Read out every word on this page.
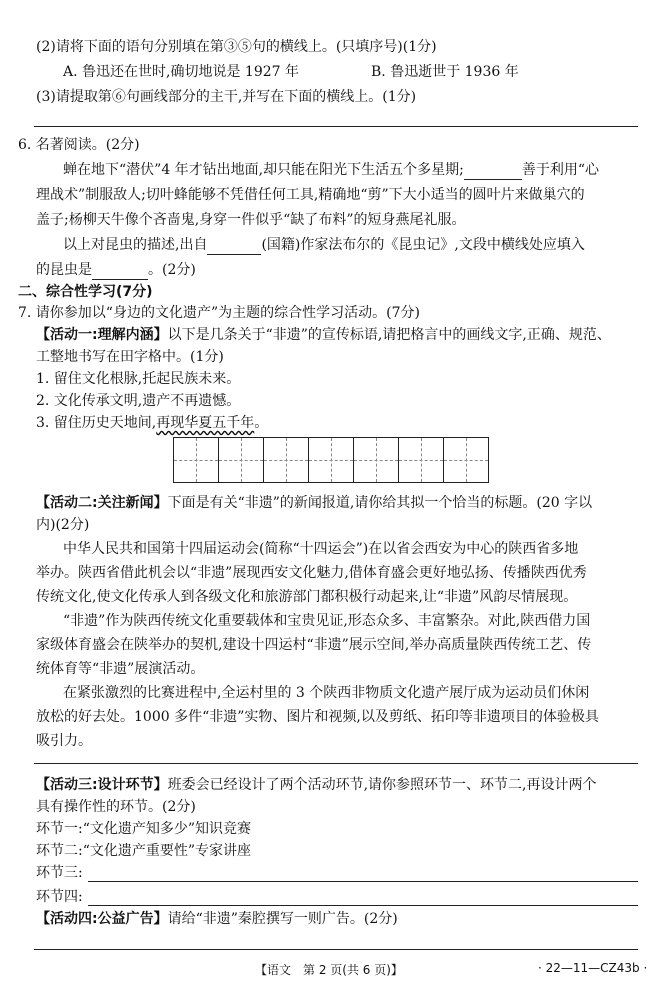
(2)请将下面的语句分别填在第③⑤句的横线上。(只填序号)(1分)
A. 鲁迅还在世时,确切地说是 1927 年	B. 鲁迅逝世于 1936 年
(3)请提取第⑥句画线部分的主干,并写在下面的横线上。(1分)
6. 名著阅读。(2分)
蝉在地下“潜伏”4 年才钻出地面,却只能在阳光下生活五个多星期;	善于利用“心
理战术”制服敌人;切叶蜂能够不凭借任何工具,精确地“剪”下大小适当的圆叶片来做巢穴的
盖子;杨柳天牛像个吝啬鬼,身穿一件似乎“缺了布料”的短身燕尾礼服。
以上对昆虫的描述,出自	(国籍)作家法布尔的《昆虫记》,文段中横线处应填入
的昆虫是	。(2分)
二、综合性学习(7分)
7. 请你参加以“身边的文化遗产”为主题的综合性学习活动。(7分)
【活动一:理解内涵】以下是几条关于“非遗”的宣传标语,请把格言中的画线文字,正确、规范、
工整地书写在田字格中。(1分)
1. 留住文化根脉,托起民族未来。
2. 文化传承文明,遗产不再遗憾。
3. 留住历史天地间,再现华夏五千年。
【活动二:关注新闻】下面是有关“非遗”的新闻报道,请你给其拟一个恰当的标题。(20 字以
内)(2分)
中华人民共和国第十四届运动会(简称“十四运会”)在以省会西安为中心的陕西省多地
举办。陕西省借此机会以“非遗”展现西安文化魅力,借体育盛会更好地弘扬、传播陕西优秀
传统文化,使文化传承人到各级文化和旅游部门都积极行动起来,让“非遗”风韵尽情展现。
“非遗”作为陕西传统文化重要载体和宝贵见证,形态众多、丰富繁杂。对此,陕西借力国
家级体育盛会在陕举办的契机,建设十四运村“非遗”展示空间,举办高质量陕西传统工艺、传
统体育等“非遗”展演活动。
在紧张激烈的比赛进程中,全运村里的 3 个陕西非物质文化遗产展厅成为运动员们休闲
放松的好去处。1000 多件“非遗”实物、图片和视频,以及剪纸、拓印等非遗项目的体验极具
吸引力。
【活动三:设计环节】班委会已经设计了两个活动环节,请你参照环节一、环节二,再设计两个
具有操作性的环节。(2分)
环节一:“文化遗产知多少”知识竞赛
环节二:“文化遗产重要性”专家讲座
环节三:
环节四:
【活动四:公益广告】请给“非遗”秦腔撰写一则广告。(2分)
【语文　第 2 页(共 6 页)】	· 22—11—CZ43b ·
